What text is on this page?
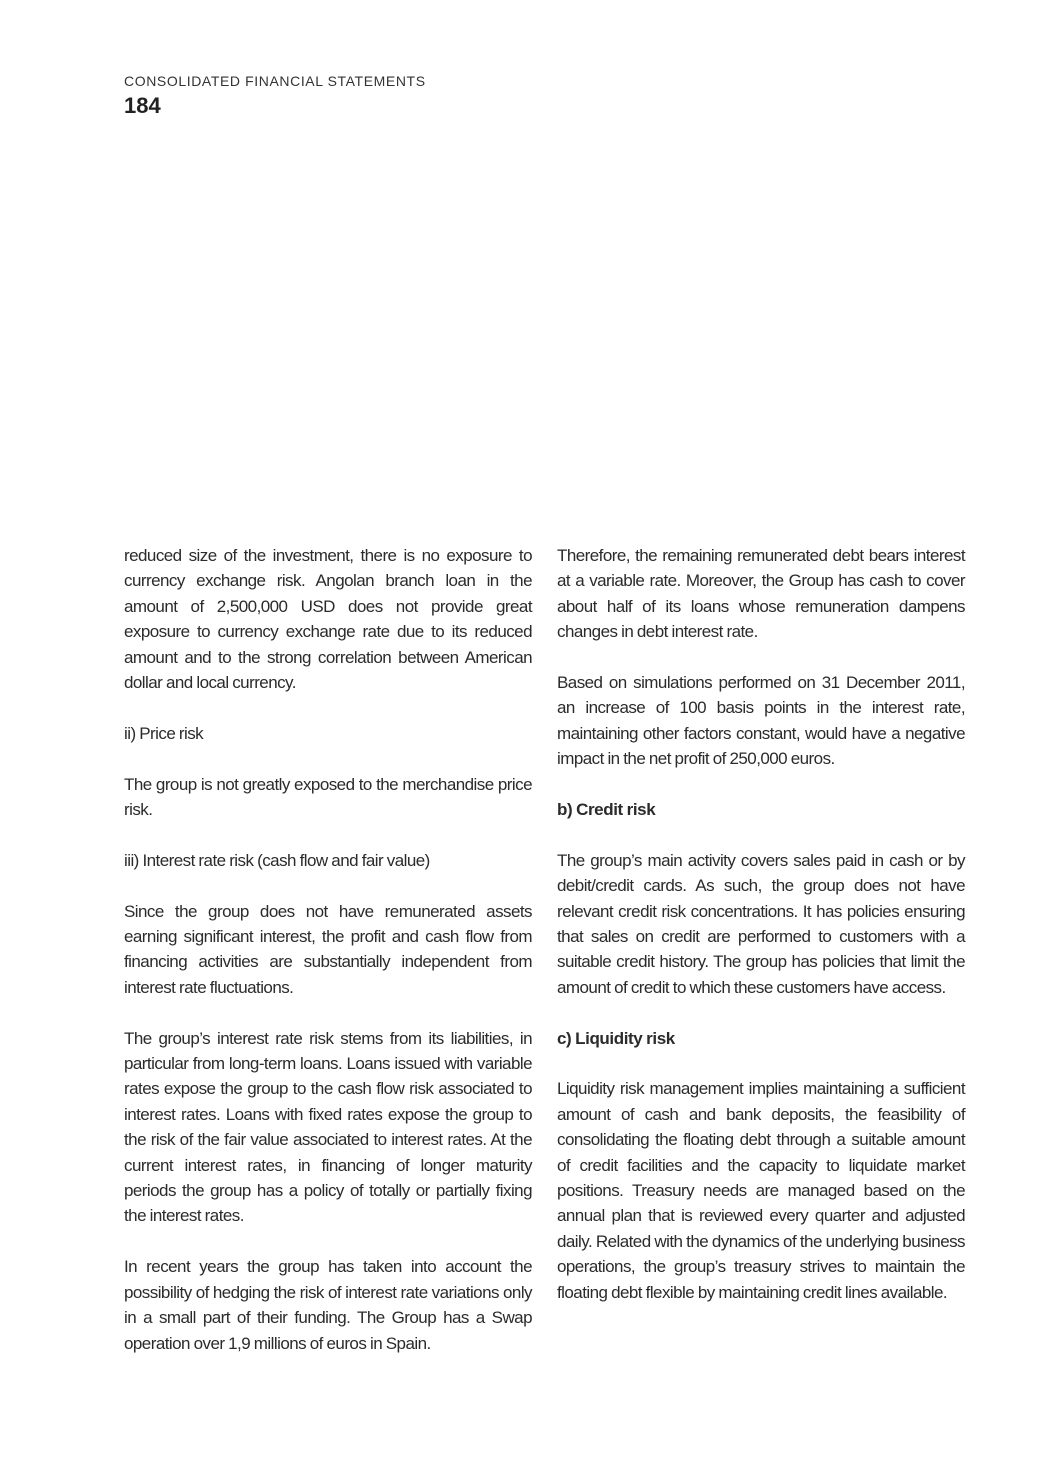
CONSOLIDATED FINANCIAL STATEMENTS
184

reduced size of the investment, there is no exposure to currency exchange risk. Angolan branch loan in the amount of 2,500,000 USD does not provide great exposure to currency exchange rate due to its reduced amount and to the strong correlation between American dollar and local currency.

ii) Price risk

The group is not greatly exposed to the merchandise price risk.

iii) Interest rate risk (cash flow and fair value)

Since the group does not have remunerated assets earning significant interest, the profit and cash flow from financing activities are substantially independent from interest rate fluctuations.

The group’s interest rate risk stems from its liabilities, in particular from long-term loans. Loans issued with variable rates expose the group to the cash flow risk associated to interest rates. Loans with fixed rates expose the group to the risk of the fair value associated to interest rates. At the current interest rates, in financing of longer maturity periods the group has a policy of totally or partially fixing the interest rates.

In recent years the group has taken into account the possibility of hedging the risk of interest rate variations only in a small part of their funding. The Group has a Swap operation over 1,9 millions of euros in Spain.

Therefore, the remaining remunerated debt bears interest at a variable rate. Moreover, the Group has cash to cover about half of its loans whose remuneration dampens changes in debt interest rate.

Based on simulations performed on 31 December 2011, an increase of 100 basis points in the interest rate, maintaining other factors constant, would have a negative impact in the net profit of 250,000 euros.

b) Credit risk

The group’s main activity covers sales paid in cash or by debit/credit cards. As such, the group does not have relevant credit risk concentrations. It has policies ensuring that sales on credit are performed to customers with a suitable credit history. The group has policies that limit the amount of credit to which these customers have access.

c) Liquidity risk

Liquidity risk management implies maintaining a sufficient amount of cash and bank deposits, the feasibility of consolidating the floating debt through a suitable amount of credit facilities and the capacity to liquidate market positions. Treasury needs are managed based on the annual plan that is reviewed every quarter and adjusted daily. Related with the dynamics of the underlying business operations, the group’s treasury strives to maintain the floating debt flexible by maintaining credit lines available.
